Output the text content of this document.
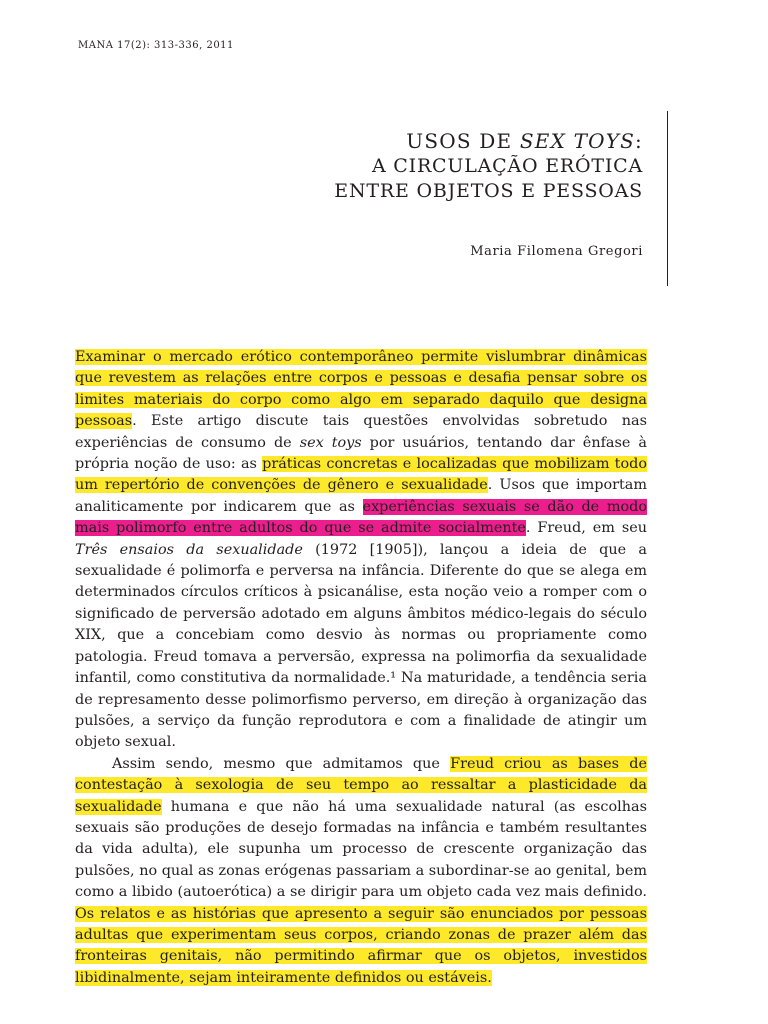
MANA 17(2): 313-336, 2011
USOS DE SEX TOYS:
A CIRCULAÇÃO ERÓTICA
ENTRE OBJETOS E PESSOAS
Maria Filomena Gregori

Examinar o mercado erótico contemporâneo permite vislumbrar dinâmicas que revestem as relações entre corpos e pessoas e desafia pensar sobre os limites materiais do corpo como algo em separado daquilo que designa pessoas. Este artigo discute tais questões envolvidas sobretudo nas experiências de consumo de sex toys por usuários, tentando dar ênfase à própria noção de uso: as práticas concretas e localizadas que mobilizam todo um repertório de convenções de gênero e sexualidade. Usos que importam analiticamente por indicarem que as experiências sexuais se dão de modo mais polimorfo entre adultos do que se admite socialmente. Freud, em seu Três ensaios da sexualidade (1972 [1905]), lançou a ideia de que a sexualidade é polimorfa e perversa na infância. Diferente do que se alega em determinados círculos críticos à psicanálise, esta noção veio a romper com o significado de perversão adotado em alguns âmbitos médico-legais do século XIX, que a concebiam como desvio às normas ou propriamente como patologia. Freud tomava a perversão, expressa na polimorfia da sexualidade infantil, como constitutiva da normalidade.¹ Na maturidade, a tendência seria de represamento desse polimorfismo perverso, em direção à organização das pulsões, a serviço da função reprodutora e com a finalidade de atingir um objeto sexual.

Assim sendo, mesmo que admitamos que Freud criou as bases de contestação à sexologia de seu tempo ao ressaltar a plasticidade da sexualidade humana e que não há uma sexualidade natural (as escolhas sexuais são produções de desejo formadas na infância e também resultantes da vida adulta), ele supunha um processo de crescente organização das pulsões, no qual as zonas erógenas passariam a subordinar-se ao genital, bem como a libido (autoerótica) a se dirigir para um objeto cada vez mais definido. Os relatos e as histórias que apresento a seguir são enunciados por pessoas adultas que experimentam seus corpos, criando zonas de prazer além das fronteiras genitais, não permitindo afirmar que os objetos, investidos libidinalmente, sejam inteiramente definidos ou estáveis.
